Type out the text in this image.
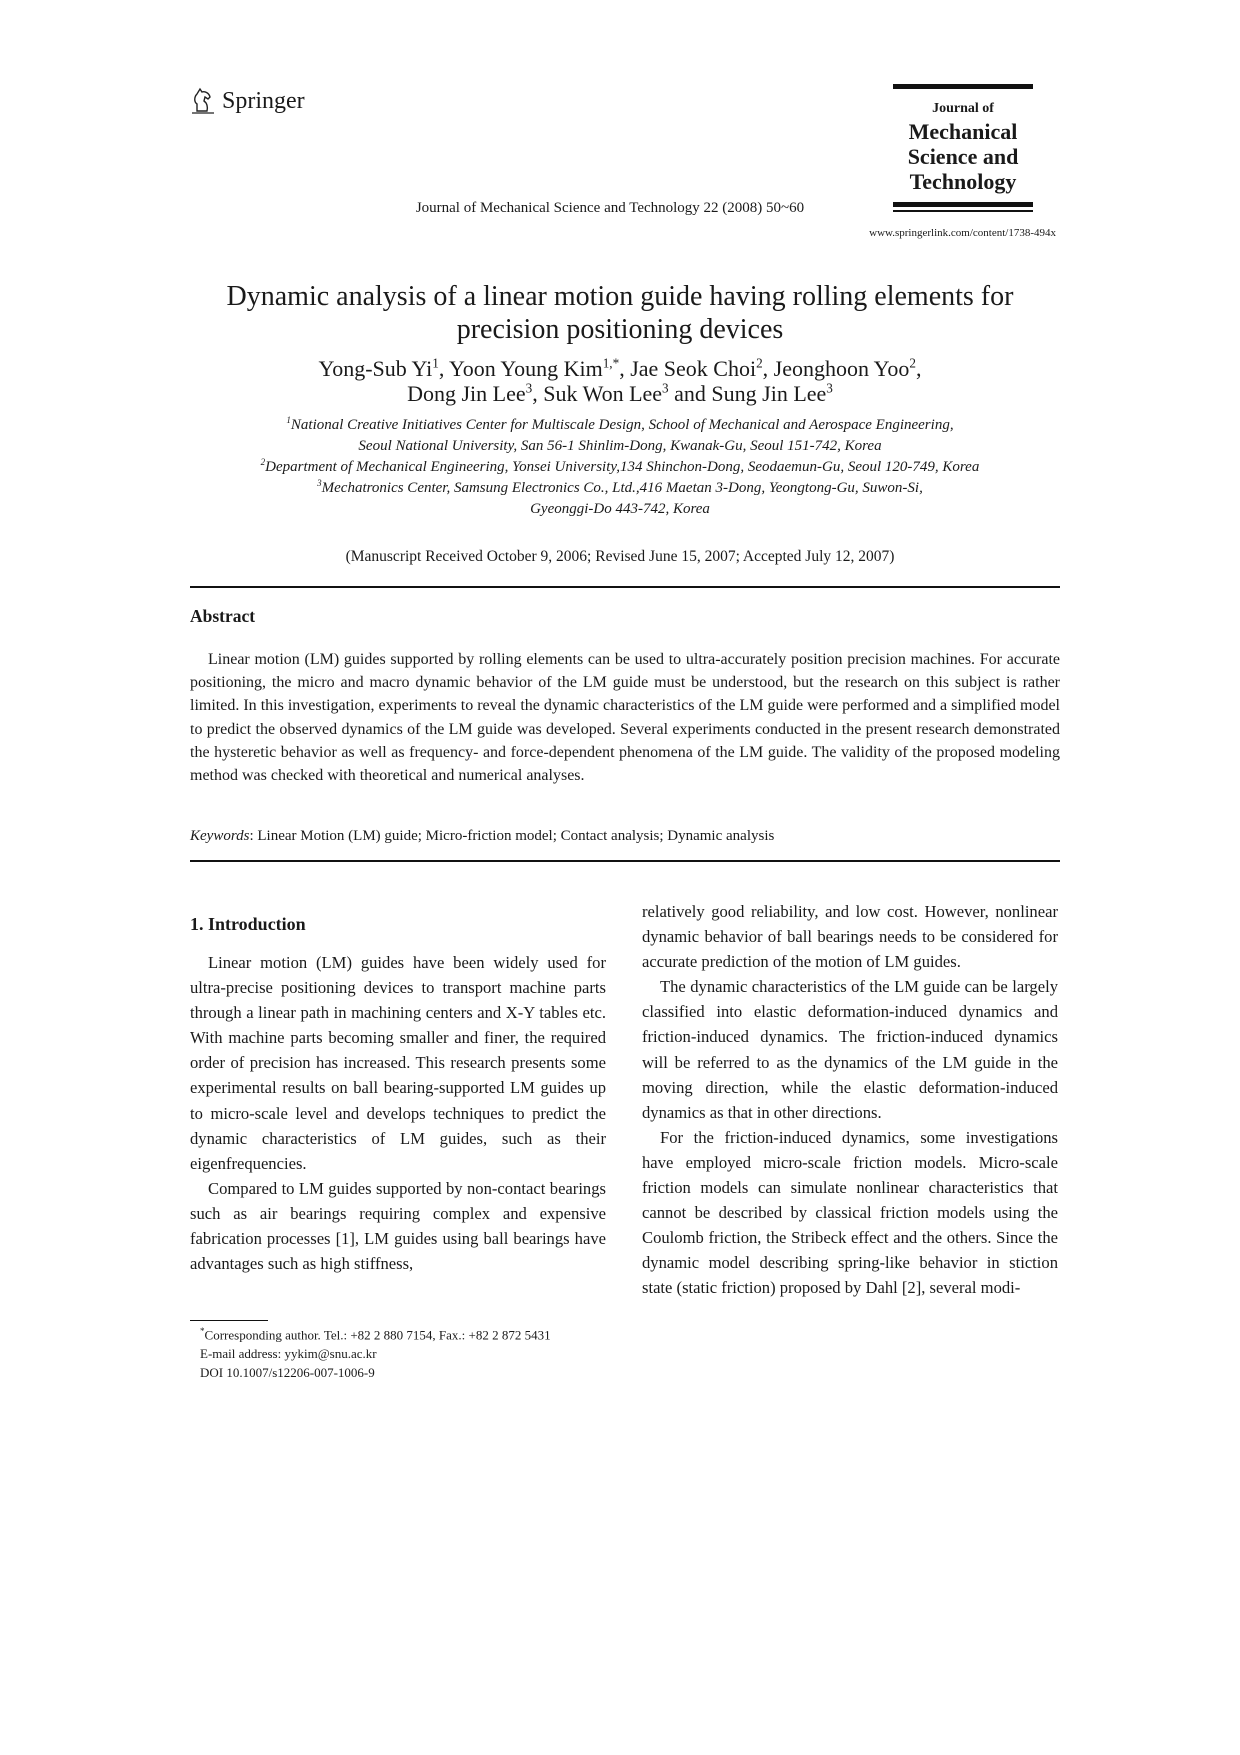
Springer
Journal of Mechanical Science and Technology 22 (2008) 50~60
Journal of
Mechanical
Science and
Technology
www.springerlink.com/content/1738-494x
Dynamic analysis of a linear motion guide having rolling elements for precision positioning devices
Yong-Sub Yi$^1$, Yoon Young Kim$^{1,*}$, Jae Seok Choi$^2$, Jeonghoon Yoo$^2$,
Dong Jin Lee$^3$, Suk Won Lee$^3$ and Sung Jin Lee$^3$
$^1$National Creative Initiatives Center for Multiscale Design, School of Mechanical and Aerospace Engineering,
Seoul National University, San 56-1 Shinlim-Dong, Kwanak-Gu, Seoul 151-742, Korea
$^2$Department of Mechanical Engineering, Yonsei University,134 Shinchon-Dong, Seodaemun-Gu, Seoul 120-749, Korea
$^3$Mechatronics Center, Samsung Electronics Co., Ltd.,416 Maetan 3-Dong, Yeongtong-Gu, Suwon-Si,
Gyeonggi-Do 443-742, Korea
(Manuscript Received October 9, 2006; Revised June 15, 2007; Accepted July 12, 2007)
Abstract

Linear motion (LM) guides supported by rolling elements can be used to ultra-accurately position precision machines. For accurate positioning, the micro and macro dynamic behavior of the LM guide must be understood, but the research on this subject is rather limited. In this investigation, experiments to reveal the dynamic characteristics of the LM guide were performed and a simplified model to predict the observed dynamics of the LM guide was developed. Several experiments conducted in the present research demonstrated the hysteretic behavior as well as frequency- and force-dependent phenomena of the LM guide. The validity of the proposed modeling method was checked with theoretical and numerical analyses.

Keywords: Linear Motion (LM) guide; Micro-friction model; Contact analysis; Dynamic analysis
1. Introduction

Linear motion (LM) guides have been widely used for ultra-precise positioning devices to transport machine parts through a linear path in machining centers and X-Y tables etc. With machine parts becoming smaller and finer, the required order of precision has increased. This research presents some experimental results on ball bearing-supported LM guides up to micro-scale level and develops techniques to predict the dynamic characteristics of LM guides, such as their eigenfrequencies.

Compared to LM guides supported by non-contact bearings such as air bearings requiring complex and expensive fabrication processes [1], LM guides using ball bearings have advantages such as high stiffness,

relatively good reliability, and low cost. However, nonlinear dynamic behavior of ball bearings needs to be considered for accurate prediction of the motion of LM guides.

The dynamic characteristics of the LM guide can be largely classified into elastic deformation-induced dynamics and friction-induced dynamics. The friction-induced dynamics will be referred to as the dynamics of the LM guide in the moving direction, while the elastic deformation-induced dynamics as that in other directions.

For the friction-induced dynamics, some investigations have employed micro-scale friction models. Micro-scale friction models can simulate nonlinear characteristics that cannot be described by classical friction models using the Coulomb friction, the Stribeck effect and the others. Since the dynamic model describing spring-like behavior in stiction state (static friction) proposed by Dahl [2], several modi-

*Corresponding author. Tel.: +82 2 880 7154, Fax.: +82 2 872 5431
E-mail address: yykim@snu.ac.kr
DOI 10.1007/s12206-007-1006-9
